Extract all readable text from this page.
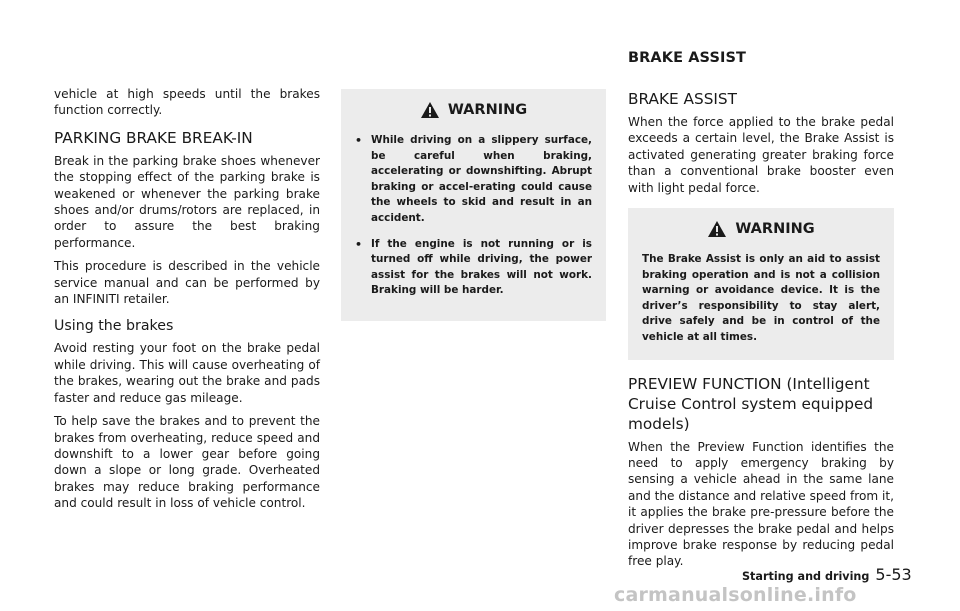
BRAKE ASSIST

vehicle at high speeds until the brakes function correctly.

PARKING BRAKE BREAK-IN

Break in the parking brake shoes whenever the stopping effect of the parking brake is weakened or whenever the parking brake shoes and/or drums/rotors are replaced, in order to assure the best braking performance.

This procedure is described in the vehicle service manual and can be performed by an INFINITI retailer.

Using the brakes

Avoid resting your foot on the brake pedal while driving. This will cause overheating of the brakes, wearing out the brake and pads faster and reduce gas mileage.

To help save the brakes and to prevent the brakes from overheating, reduce speed and downshift to a lower gear before going down a slope or long grade. Overheated brakes may reduce braking performance and could result in loss of vehicle control.

WARNING
• While driving on a slippery surface, be careful when braking, accelerating or downshifting. Abrupt braking or accel-erating could cause the wheels to skid and result in an accident.
• If the engine is not running or is turned off while driving, the power assist for the brakes will not work. Braking will be harder.
BRAKE ASSIST

When the force applied to the brake pedal exceeds a certain level, the Brake Assist is activated generating greater braking force than a conventional brake booster even with light pedal force.

WARNING

The Brake Assist is only an aid to assist braking operation and is not a collision warning or avoidance device. It is the driver’s responsibility to stay alert, drive safely and be in control of the vehicle at all times.

PREVIEW FUNCTION (Intelligent Cruise Control system equipped models)

When the Preview Function identifies the need to apply emergency braking by sensing a vehicle ahead in the same lane and the distance and relative speed from it, it applies the brake pre-pressure before the driver depresses the brake pedal and helps improve brake response by reducing pedal free play.

Starting and driving 5-53
carmanualsonline.info
